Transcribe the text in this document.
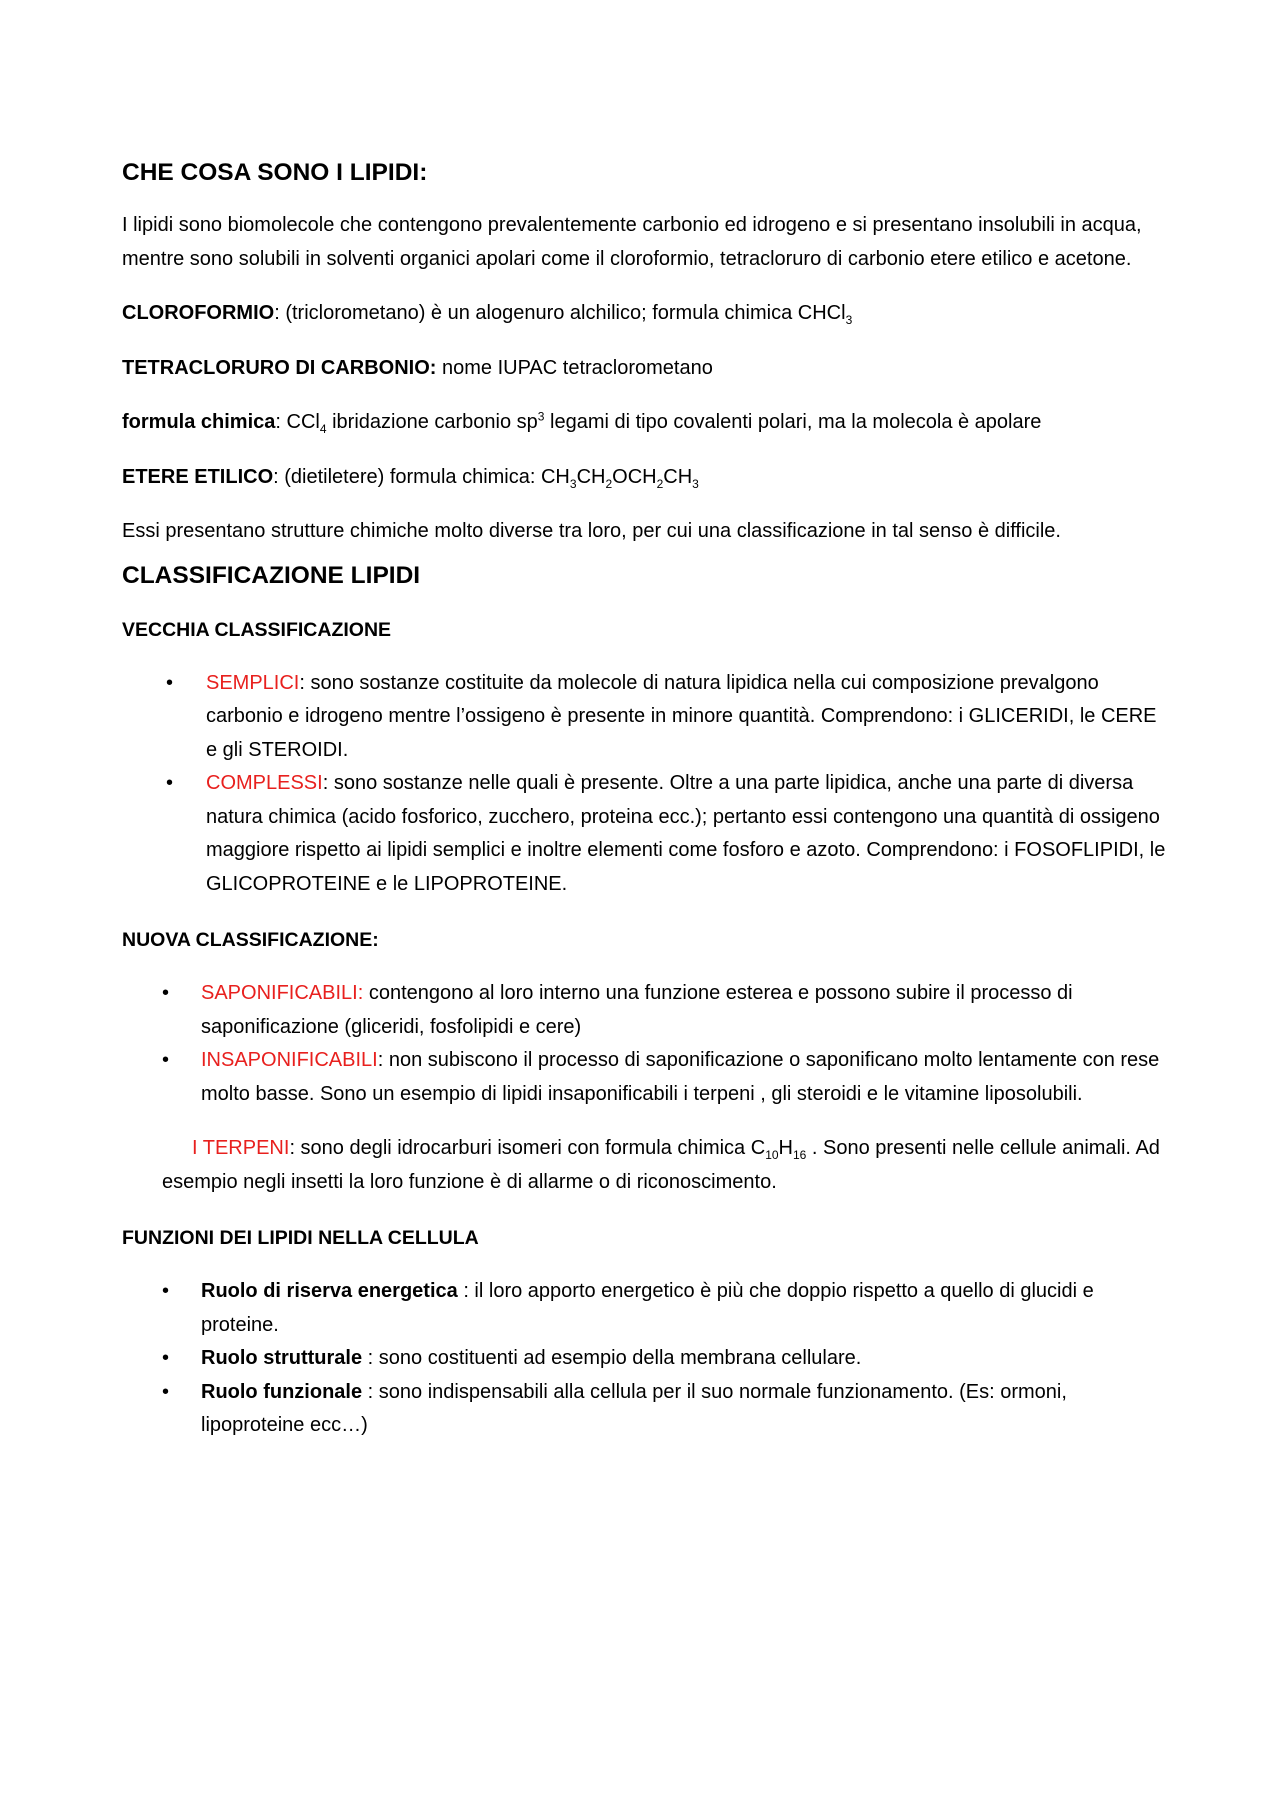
CHE COSA SONO I LIPIDI:

I lipidi sono biomolecole che contengono prevalentemente carbonio ed idrogeno e si presentano insolubili in acqua, mentre sono solubili in solventi organici apolari come il cloroformio, tetracloruro di carbonio etere etilico e acetone.

CLOROFORMIO: (triclorometano) è un alogenuro alchilico; formula chimica CHCl$_3$

TETRACLORURO DI CARBONIO: nome IUPAC tetraclorometano

formula chimica: CCl$_4$ ibridazione carbonio $sp^3$ legami di tipo covalenti polari, ma la molecola è apolare

ETERE ETILICO: (dietiletere) formula chimica: $CH_3CH_2OCH_2CH_3$

Essi presentano strutture chimiche molto diverse tra loro, per cui una classificazione in tal senso è difficile.

CLASSIFICAZIONE LIPIDI
VECCHIA CLASSIFICAZIONE
• SEMPLICI: sono sostanze costituite da molecole di natura lipidica nella cui composizione prevalgono carbonio e idrogeno mentre l’ossigeno è presente in minore quantità. Comprendono: i GLICERIDI, le CERE e gli STEROIDI.
• COMPLESSI: sono sostanze nelle quali è presente. Oltre a una parte lipidica, anche una parte di diversa natura chimica (acido fosforico, zucchero, proteina ecc.); pertanto essi contengono una quantità di ossigeno maggiore rispetto ai lipidi semplici e inoltre elementi come fosforo e azoto. Comprendono: i FOSOFLIPIDI, le GLICOPROTEINE e le LIPOPROTEINE.
NUOVA CLASSIFICAZIONE:
• SAPONIFICABILI: contengono al loro interno una funzione esterea e possono subire il processo di saponificazione (gliceridi, fosfolipidi e cere)
• INSAPONIFICABILI: non subiscono il processo di saponificazione o saponificano molto lentamente con rese molto basse. Sono un esempio di lipidi insaponificabili i terpeni , gli steroidi e le vitamine liposolubili.

I TERPENI: sono degli idrocarburi isomeri con formula chimica $C_{10}H_{16}$ . Sono presenti nelle cellule animali. Ad esempio negli insetti la loro funzione è di allarme o di riconoscimento.

FUNZIONI DEI LIPIDI NELLA CELLULA
• Ruolo di riserva energetica : il loro apporto energetico è più che doppio rispetto a quello di glucidi e proteine.
• Ruolo strutturale : sono costituenti ad esempio della membrana cellulare.
• Ruolo funzionale : sono indispensabili alla cellula per il suo normale funzionamento. (Es: ormoni, lipoproteine ecc…)
